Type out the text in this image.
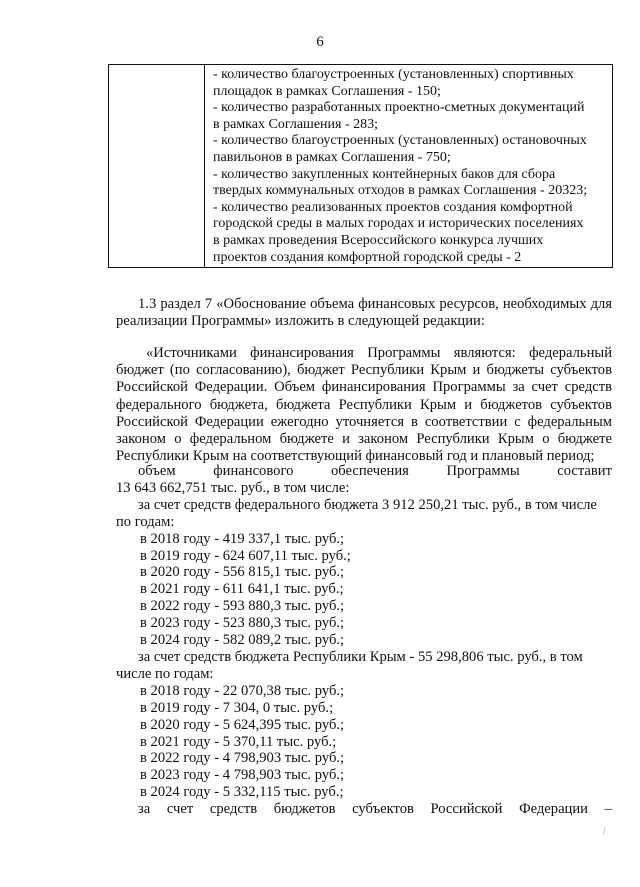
6
- количество благоустроенных (установленных) спортивных
площадок в рамках Соглашения - 150;
- количество разработанных проектно-сметных документаций
в рамках Соглашения - 283;
- количество благоустроенных (установленных) остановочных
павильонов в рамках Соглашения - 750;
- количество закупленных контейнерных баков для сбора
твердых коммунальных отходов в рамках Соглашения - 20323;
- количество реализованных проектов создания комфортной
городской среды в малых городах и исторических поселениях
в рамках проведения Всероссийского конкурса лучших
проектов создания комфортной городской среды - 2
1.3 раздел 7 «Обоснование объема финансовых ресурсов, необходимых для
реализации Программы» изложить в следующей редакции:
«Источниками финансирования Программы являются: федеральный
бюджет (по согласованию), бюджет Республики Крым и бюджеты субъектов
Российской Федерации. Объем финансирования Программы за счет средств
федерального бюджета, бюджета Республики Крым и бюджетов субъектов
Российской Федерации ежегодно уточняется в соответствии с федеральным
законом о федеральном бюджете и законом Республики Крым о бюджете
Республики Крым на соответствующий финансовый год и плановый период;
объем	финансового	обеспечения	Программы	составит
13 643 662,751 тыс. руб., в том числе:
за счет средств федерального бюджета 3 912 250,21 тыс. руб., в том числе
по годам:
в 2018 году - 419 337,1 тыс. руб.;
в 2019 году - 624 607,11 тыс. руб.;
в 2020 году - 556 815,1 тыс. руб.;
в 2021 году - 611 641,1 тыс. руб.;
в 2022 году - 593 880,3 тыс. руб.;
в 2023 году - 523 880,3 тыс. руб.;
в 2024 году - 582 089,2 тыс. руб.;
за счет средств бюджета Республики Крым - 55 298,806 тыс. руб., в том
числе по годам:
в 2018 году - 22 070,38 тыс. руб.;
в 2019 году - 7 304, 0 тыс. руб.;
в 2020 году - 5 624,395 тыс. руб.;
в 2021 году - 5 370,11 тыс. руб.;
в 2022 году - 4 798,903 тыс. руб.;
в 2023 году - 4 798,903 тыс. руб.;
в 2024 году - 5 332,115 тыс. руб.;
за счет средств бюджетов субъектов Российской Федерации –
/
